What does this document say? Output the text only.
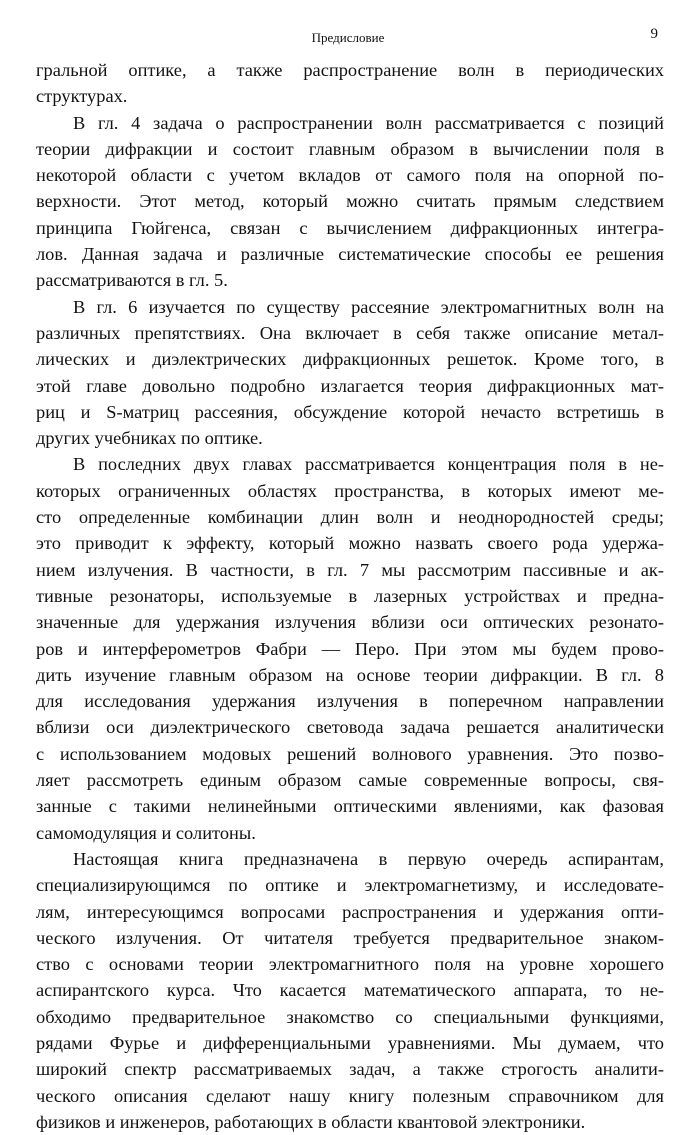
Предисловие	9
гральной оптике, а также распространение волн в периодических
структурах.
В гл. 4 задача о распространении волн рассматривается с позиций
теории дифракции и состоит главным образом в вычислении поля в
некоторой области с учетом вкладов от самого поля на опорной по-
верхности. Этот метод, который можно считать прямым следствием
принципа Гюйгенса, связан с вычислением дифракционных интегра-
лов. Данная задача и различные систематические способы ее решения
рассматриваются в гл. 5.
В гл. 6 изучается по существу рассеяние электромагнитных волн на
различных препятствиях. Она включает в себя также описание метал-
лических и диэлектрических дифракционных решеток. Кроме того, в
этой главе довольно подробно излагается теория дифракционных мат-
риц и S-матриц рассеяния, обсуждение которой нечасто встретишь в
других учебниках по оптике.
В последних двух главах рассматривается концентрация поля в не-
которых ограниченных областях пространства, в которых имеют ме-
сто определенные комбинации длин волн и неоднородностей среды;
это приводит к эффекту, который можно назвать своего рода удержа-
нием излучения. В частности, в гл. 7 мы рассмотрим пассивные и ак-
тивные резонаторы, используемые в лазерных устройствах и предна-
значенные для удержания излучения вблизи оси оптических резонато-
ров и интерферометров Фабри — Перо. При этом мы будем прово-
дить изучение главным образом на основе теории дифракции. В гл. 8
для исследования удержания излучения в поперечном направлении
вблизи оси диэлектрического световода задача решается аналитически
с использованием модовых решений волнового уравнения. Это позво-
ляет рассмотреть единым образом самые современные вопросы, свя-
занные с такими нелинейными оптическими явлениями, как фазовая
самомодуляция и солитоны.
Настоящая книга предназначена в первую очередь аспирантам,
специализирующимся по оптике и электромагнетизму, и исследовате-
лям, интересующимся вопросами распространения и удержания опти-
ческого излучения. От читателя требуется предварительное знаком-
ство с основами теории электромагнитного поля на уровне хорошего
аспирантского курса. Что касается математического аппарата, то не-
обходимо предварительное знакомство со специальными функциями,
рядами Фурье и дифференциальными уравнениями. Мы думаем, что
широкий спектр рассматриваемых задач, а также строгость аналити-
ческого описания сделают нашу книгу полезным справочником для
физиков и инженеров, работающих в области квантовой электроники.
